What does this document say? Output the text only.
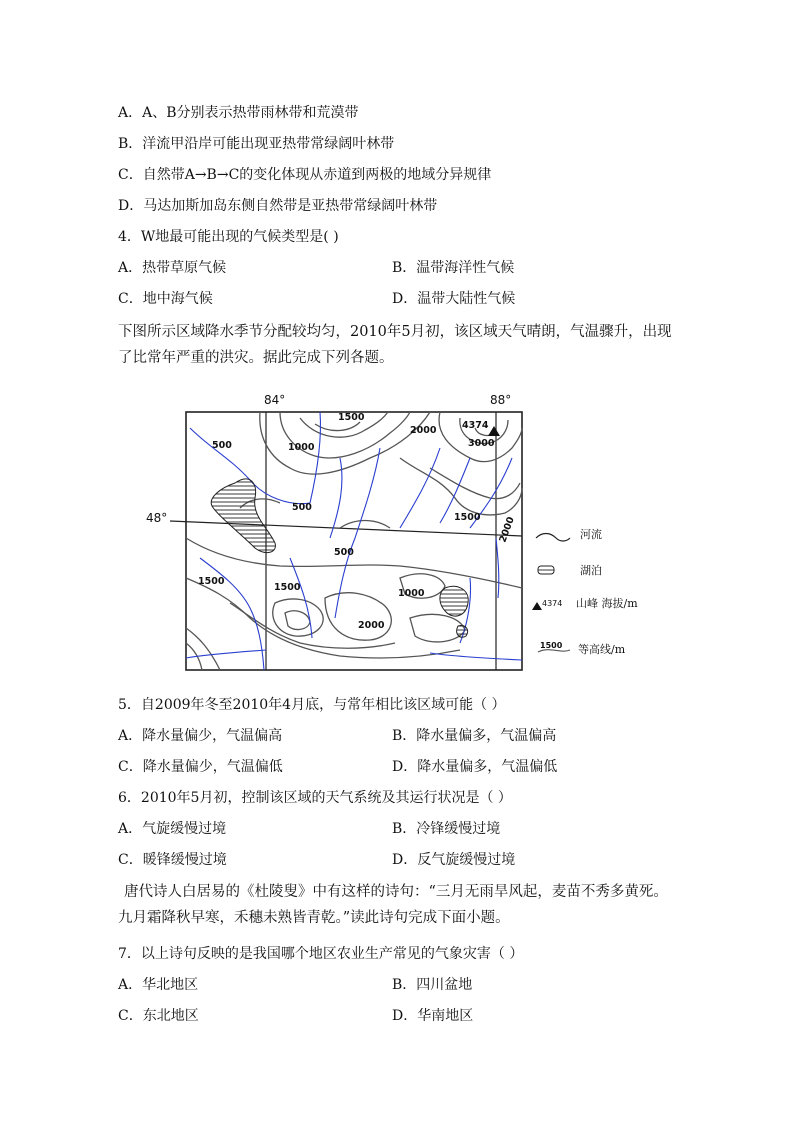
A．A、B分别表示热带雨林带和荒漠带
B．洋流甲沿岸可能出现亚热带常绿阔叶林带
C．自然带A→B→C的变化体现从赤道到两极的地域分异规律
D．马达加斯加岛东侧自然带是亚热带常绿阔叶林带
4．W地最可能出现的气候类型是( )
A．热带草原气候	B．温带海洋性气候
C．地中海气候	D．温带大陆性气候
下图所示区域降水季节分配较均匀，2010年5月初，该区域天气晴朗，气温骤升，出现了比常年严重的洪灾。据此完成下列各题。
84°	88°
48°
1500
500	1000
2000	4374
3000
500
1500 2000
500
1000
1500
1500
2000
河流
湖泊
4374 山峰 海拔/m
1500 等高线/m
5．自2009年冬至2010年4月底，与常年相比该区域可能（ ）
A．降水量偏少，气温偏高	B．降水量偏多，气温偏高
C．降水量偏少，气温偏低	D．降水量偏多，气温偏低
6．2010年5月初，控制该区域的天气系统及其运行状况是（ ）
A．气旋缓慢过境	B．冷锋缓慢过境
C．暖锋缓慢过境	D．反气旋缓慢过境
唐代诗人白居易的《杜陵叟》中有这样的诗句：“三月无雨旱风起，麦苗不秀多黄死。九月霜降秋早寒，禾穗未熟皆青乾。”读此诗句完成下面小题。
7．以上诗句反映的是我国哪个地区农业生产常见的气象灾害（ ）
A．华北地区	B．四川盆地
C．东北地区	D．华南地区
